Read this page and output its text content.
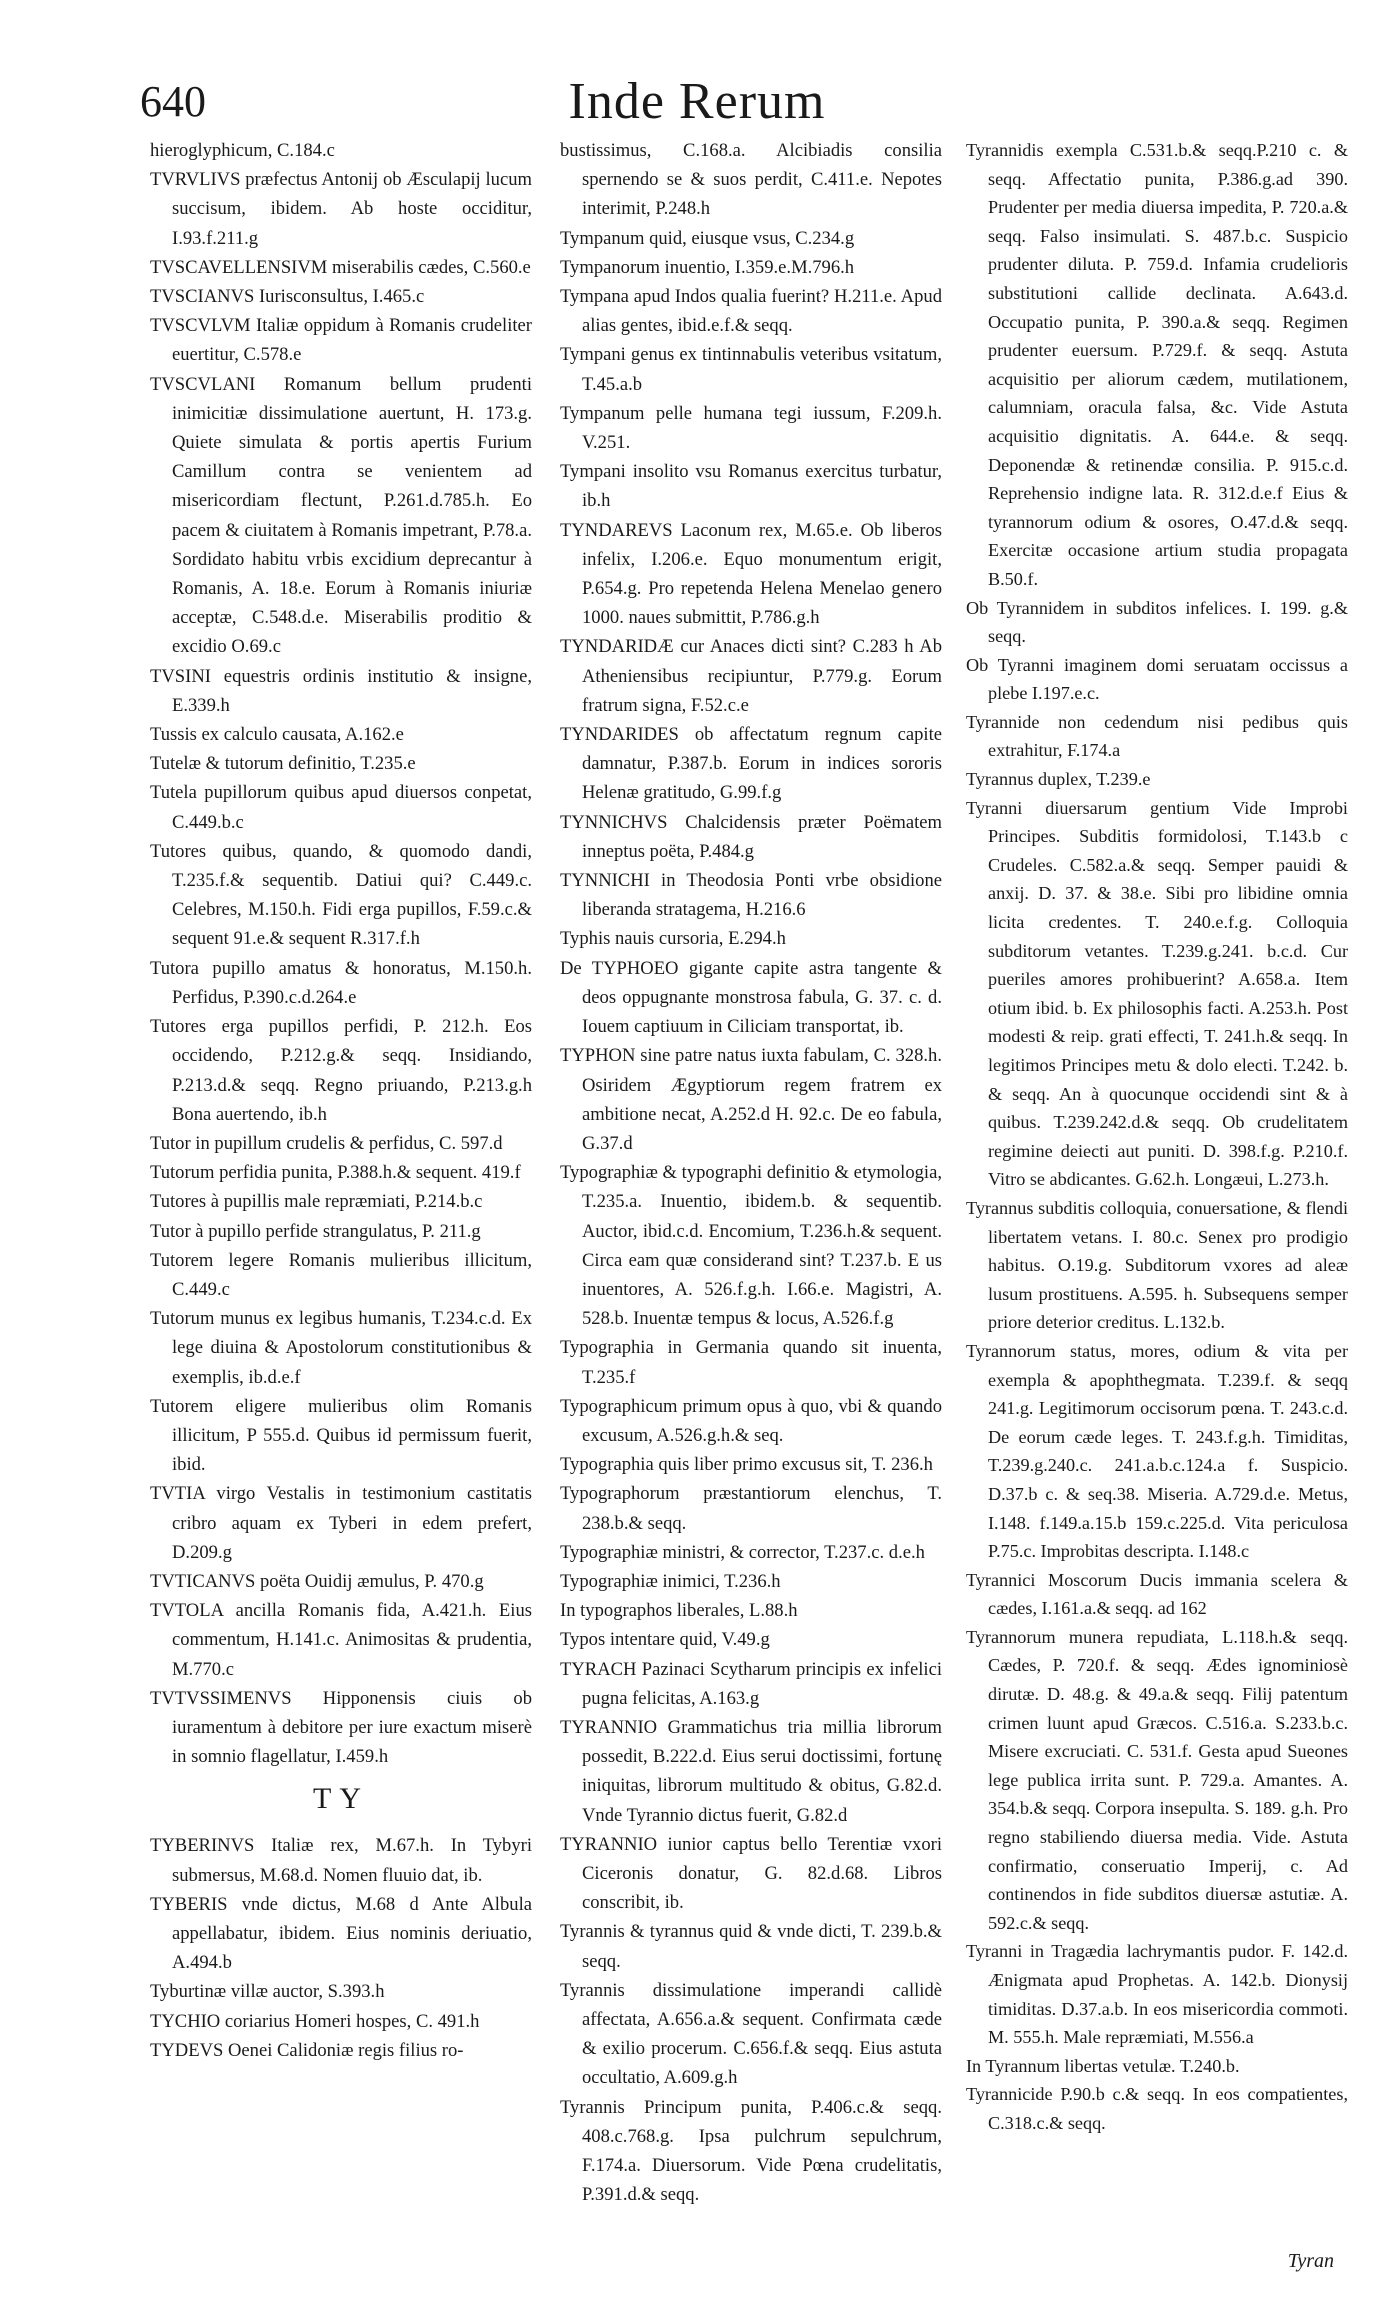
640	Inde Rerum

hieroglyphicum, C.184.c

TVRVLIVS præfectus Antonij ob Æsculapij lucum succisum, ibidem. Ab hoste occiditur, I.93.f.211.g

TVSCAVELLENSIVM miserabilis cædes, C.560.e

TVSCIANVS Iurisconsultus, I.465.c

TVSCVLVM Italiæ oppidum à Romanis crudeliter euertitur, C.578.e

TVSCVLANI Romanum bellum prudenti inimicitiæ dissimulatione auertunt, H. 173.g. Quiete simulata & portis apertis Furium Camillum contra se venientem ad misericordiam flectunt, P.261.d.785.h. Eo pacem & ciuitatem à Romanis impetrant, P.78.a. Sordidato habitu vrbis excidium deprecantur à Romanis, A. 18.e. Eorum à Romanis iniuriæ acceptæ, C.548.d.e. Miserabilis proditio & excidio O.69.c

TVSINI equestris ordinis institutio & insigne, E.339.h

Tussis ex calculo causata, A.162.e

Tutelæ & tutorum definitio, T.235.e

Tutela pupillorum quibus apud diuersos conpetat, C.449.b.c

Tutores quibus, quando, & quomodo dandi, T.235.f.& sequentib. Datiui qui? C.449.c. Celebres, M.150.h. Fidi erga pupillos, F.59.c.& sequent 91.e.& sequent R.317.f.h

Tutora pupillo amatus & honoratus, M.150.h. Perfidus, P.390.c.d.264.e

Tutores erga pupillos perfidi, P. 212.h. Eos occidendo, P.212.g.& seqq. Insidiando, P.213.d.& seqq. Regno priuando, P.213.g.h Bona auertendo, ib.h

Tutor in pupillum crudelis & perfidus, C. 597.d

Tutorum perfidia punita, P.388.h.& sequent. 419.f

Tutores à pupillis male repræmiati, P.214.b.c

Tutor à pupillo perfide strangulatus, P. 211.g

Tutorem legere Romanis mulieribus illicitum, C.449.c

Tutorum munus ex legibus humanis, T.234.c.d. Ex lege diuina & Apostolorum constitutionibus & exemplis, ib.d.e.f

Tutorem eligere mulieribus olim Romanis illicitum, P 555.d. Quibus id permissum fuerit, ibid.

TVTIA virgo Vestalis in testimonium castitatis cribro aquam ex Tyberi in edem prefert, D.209.g

TVTICANVS poëta Ouidij æmulus, P. 470.g

TVTOLA ancilla Romanis fida, A.421.h. Eius commentum, H.141.c. Animositas & prudentia, M.770.c

TVTVSSIMENVS Hipponensis ciuis ob iuramentum à debitore per iure exactum miserè in somnio flagellatur, I.459.h

TY

TYBERINVS Italiæ rex, M.67.h. In Tybyri submersus, M.68.d. Nomen fluuio dat, ib.

TYBERIS vnde dictus, M.68 d Ante Albula appellabatur, ibidem. Eius nominis deriuatio, A.494.b

Tyburtinæ villæ auctor, S.393.h

TYCHIO coriarius Homeri hospes, C. 491.h

TYDEVS Oenei Calidoniæ regis filius ro-

bustissimus, C.168.a. Alcibiadis consilia spernendo se & suos perdit, C.411.e. Nepotes interimit, P.248.h

Tympanum quid, eiusque vsus, C.234.g

Tympanorum inuentio, I.359.e.M.796.h

Tympana apud Indos qualia fuerint? H.211.e. Apud alias gentes, ibid.e.f.& seqq.

Tympani genus ex tintinnabulis veteribus vsitatum, T.45.a.b

Tympanum pelle humana tegi iussum, F.209.h. V.251.

Tympani insolito vsu Romanus exercitus turbatur, ib.h

TYNDAREVS Laconum rex, M.65.e. Ob liberos infelix, I.206.e. Equo monumentum erigit, P.654.g. Pro repetenda Helena Menelao genero 1000. naues submittit, P.786.g.h

TYNDARIDÆ cur Anaces dicti sint? C.283 h Ab Atheniensibus recipiuntur, P.779.g. Eorum fratrum signa, F.52.c.e

TYNDARIDES ob affectatum regnum capite damnatur, P.387.b. Eorum in indices sororis Helenæ gratitudo, G.99.f.g

TYNNICHVS Chalcidensis præter Poëmatem inneptus poëta, P.484.g

TYNNICHI in Theodosia Ponti vrbe obsidione liberanda stratagema, H.216.6

Typhis nauis cursoria, E.294.h

De TYPHOEO gigante capite astra tangente & deos oppugnante monstrosa fabula, G. 37. c. d. Iouem captiuum in Ciliciam transportat, ib.

TYPHON sine patre natus iuxta fabulam, C. 328.h. Osiridem Ægyptiorum regem fratrem ex ambitione necat, A.252.d H. 92.c. De eo fabula, G.37.d

Typographiæ & typographi definitio & etymologia, T.235.a. Inuentio, ibidem.b. & sequentib. Auctor, ibid.c.d. Encomium, T.236.h.& sequent. Circa eam quæ considerand sint? T.237.b. E us inuentores, A. 526.f.g.h. I.66.e. Magistri, A. 528.b. Inuentæ tempus & locus, A.526.f.g

Typographia in Germania quando sit inuenta, T.235.f

Typographicum primum opus à quo, vbi & quando excusum, A.526.g.h.& seq.

Typographia quis liber primo excusus sit, T. 236.h

Typographorum præstantiorum elenchus, T. 238.b.& seqq.

Typographiæ ministri, & corrector, T.237.c. d.e.h

Typographiæ inimici, T.236.h

In typographos liberales, L.88.h

Typos intentare quid, V.49.g

TYRACH Pazinaci Scytharum principis ex infelici pugna felicitas, A.163.g

TYRANNIO Grammatichus tria millia librorum possedit, B.222.d. Eius serui doctissimi, fortunę iniquitas, librorum multitudo & obitus, G.82.d. Vnde Tyrannio dictus fuerit, G.82.d

TYRANNIO iunior captus bello Terentiæ vxori Ciceronis donatur, G. 82.d.68. Libros conscribit, ib.

Tyrannis & tyrannus quid & vnde dicti, T. 239.b.& seqq.

Tyrannis dissimulatione imperandi callidè affectata, A.656.a.& sequent. Confirmata cæde & exilio procerum. C.656.f.& seqq. Eius astuta occultatio, A.609.g.h

Tyrannis Principum punita, P.406.c.& seqq. 408.c.768.g. Ipsa pulchrum sepulchrum, F.174.a. Diuersorum. Vide Pœna crudelitatis, P.391.d.& seqq.

Tyrannidis exempla C.531.b.& seqq.P.210 c. & seqq. Affectatio punita, P.386.g.ad 390. Prudenter per media diuersa impedita, P. 720.a.& seqq. Falso insimulati. S. 487.b.c. Suspicio prudenter diluta. P. 759.d. Infamia crudelioris substitutioni callide declinata. A.643.d. Occupatio punita, P. 390.a.& seqq. Regimen prudenter euersum. P.729.f. & seqq. Astuta acquisitio per aliorum cædem, mutilationem, calumniam, oracula falsa, &c. Vide Astuta acquisitio dignitatis. A. 644.e. & seqq. Deponendæ & retinendæ consilia. P. 915.c.d. Reprehensio indigne lata. R. 312.d.e.f Eius & tyrannorum odium & osores, O.47.d.& seqq. Exercitæ occasione artium studia propagata B.50.f.

Ob Tyrannidem in subditos infelices. I. 199. g.& seqq.

Ob Tyranni imaginem domi seruatam occissus a plebe I.197.e.c.

Tyrannide non cedendum nisi pedibus quis extrahitur, F.174.a

Tyrannus duplex, T.239.e

Tyranni diuersarum gentium Vide Improbi Principes. Subditis formidolosi, T.143.b c Crudeles. C.582.a.& seqq. Semper pauidi & anxij. D. 37. & 38.e. Sibi pro libidine omnia licita credentes. T. 240.e.f.g. Colloquia subditorum vetantes. T.239.g.241. b.c.d. Cur pueriles amores prohibuerint? A.658.a. Item otium ibid. b. Ex philosophis facti. A.253.h. Post modesti & reip. grati effecti, T. 241.h.& seqq. In legitimos Principes metu & dolo electi. T.242. b. & seqq. An à quocunque occidendi sint & à quibus. T.239.242.d.& seqq. Ob crudelitatem regimine deiecti aut puniti. D. 398.f.g. P.210.f. Vitro se abdicantes. G.62.h. Longæui, L.273.h.

Tyrannus subditis colloquia, conuersatione, & flendi libertatem vetans. I. 80.c. Senex pro prodigio habitus. O.19.g. Subditorum vxores ad aleæ lusum prostituens. A.595. h. Subsequens semper priore deterior creditus. L.132.b.

Tyrannorum status, mores, odium & vita per exempla & apophthegmata. T.239.f. & seqq 241.g. Legitimorum occisorum pœna. T. 243.c.d. De eorum cæde leges. T. 243.f.g.h. Timiditas, T.239.g.240.c. 241.a.b.c.124.a f. Suspicio. D.37.b c. & seq.38. Miseria. A.729.d.e. Metus, I.148. f.149.a.15.b 159.c.225.d. Vita periculosa P.75.c. Improbitas descripta. I.148.c

Tyrannici Moscorum Ducis immania scelera & cædes, I.161.a.& seqq. ad 162

Tyrannorum munera repudiata, L.118.h.& seqq. Cædes, P. 720.f. & seqq. Ædes ignominiosè dirutæ. D. 48.g. & 49.a.& seqq. Filij patentum crimen luunt apud Græcos. C.516.a. S.233.b.c. Misere excruciati. C. 531.f. Gesta apud Sueones lege publica irrita sunt. P. 729.a. Amantes. A. 354.b.& seqq. Corpora insepulta. S. 189. g.h. Pro regno stabiliendo diuersa media. Vide. Astuta confirmatio, conseruatio Imperij, c. Ad continendos in fide subditos diuersæ astutiæ. A. 592.c.& seqq.

Tyranni in Tragædia lachrymantis pudor. F. 142.d. Ænigmata apud Prophetas. A. 142.b. Dionysij timiditas. D.37.a.b. In eos misericordia commoti. M. 555.h. Male repræmiati, M.556.a

In Tyrannum libertas vetulæ. T.240.b.

Tyrannicide P.90.b c.& seqq. In eos compatientes, C.318.c.& seqq.

Tyran
